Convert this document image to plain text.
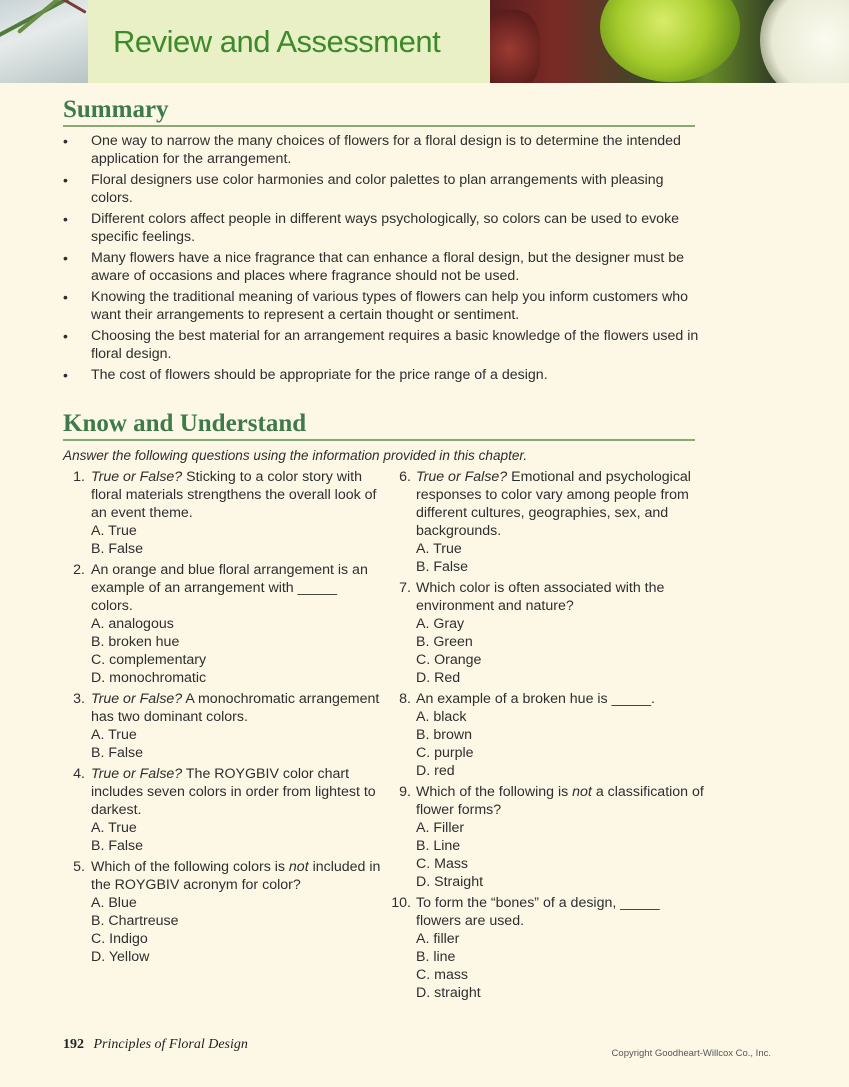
Review and Assessment
Summary
• One way to narrow the many choices of flowers for a floral design is to determine the intended application for the arrangement.
• Floral designers use color harmonies and color palettes to plan arrangements with pleasing colors.
• Different colors affect people in different ways psychologically, so colors can be used to evoke specific feelings.
• Many flowers have a nice fragrance that can enhance a floral design, but the designer must be aware of occasions and places where fragrance should not be used.
• Knowing the traditional meaning of various types of flowers can help you inform customers who want their arrangements to represent a certain thought or sentiment.
• Choosing the best material for an arrangement requires a basic knowledge of the flowers used in floral design.
• The cost of flowers should be appropriate for the price range of a design.
Know and Understand

Answer the following questions using the information provided in this chapter.

1. True or False? Sticking to a color story with floral materials strengthens the overall look of an event theme.
A. True
B. False
2. An orange and blue floral arrangement is an example of an arrangement with _____ colors.
A. analogous
B. broken hue
C. complementary
D. monochromatic
3. True or False? A monochromatic arrangement has two dominant colors.
A. True
B. False
4. True or False? The ROYGBIV color chart includes seven colors in order from lightest to darkest.
A. True
B. False
5. Which of the following colors is not included in the ROYGBIV acronym for color?
A. Blue
B. Chartreuse
C. Indigo
D. Yellow
6. True or False? Emotional and psychological responses to color vary among people from different cultures, geographies, sex, and backgrounds.
A. True
B. False
7. Which color is often associated with the environment and nature?
A. Gray
B. Green
C. Orange
D. Red
8. An example of a broken hue is _____.
A. black
B. brown
C. purple
D. red
9. Which of the following is not a classification of flower forms?
A. Filler
B. Line
C. Mass
D. Straight
10. To form the “bones” of a design, _____ flowers are used.
A. filler
B. line
C. mass
D. straight
192 Principles of Floral Design
Copyright Goodheart-Willcox Co., Inc.
